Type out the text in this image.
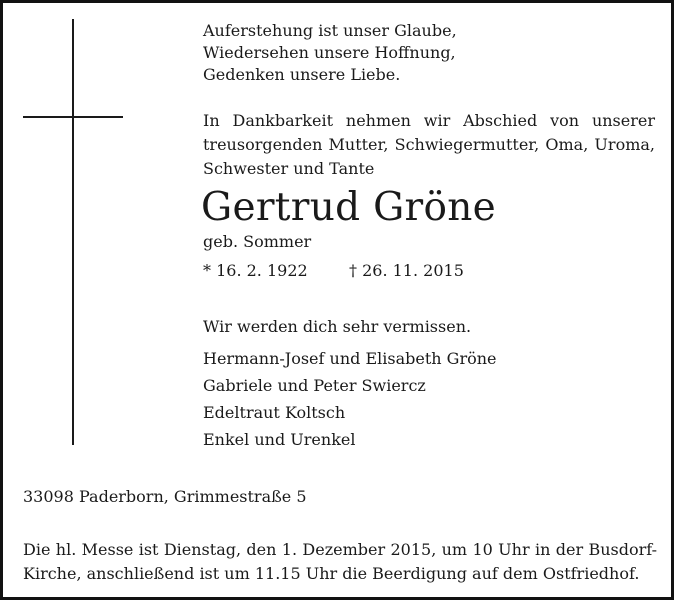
Auferstehung ist unser Glaube,
Wiedersehen unsere Hoffnung,
Gedenken unsere Liebe.
In Dankbarkeit nehmen wir Abschied von unserer
treusorgenden Mutter, Schwiegermutter, Oma, Uroma,
Schwester und Tante
Gertrud Gröne
geb. Sommer
* 16. 2. 1922	† 26. 11. 2015
Wir werden dich sehr vermissen.
Hermann-Josef und Elisabeth Gröne
Gabriele und Peter Swiercz
Edeltraut Koltsch
Enkel und Urenkel
33098 Paderborn, Grimmestraße 5
Die hl. Messe ist Dienstag, den 1. Dezember 2015, um 10 Uhr in der Busdorf-
Kirche, anschließend ist um 11.15 Uhr die Beerdigung auf dem Ostfriedhof.
